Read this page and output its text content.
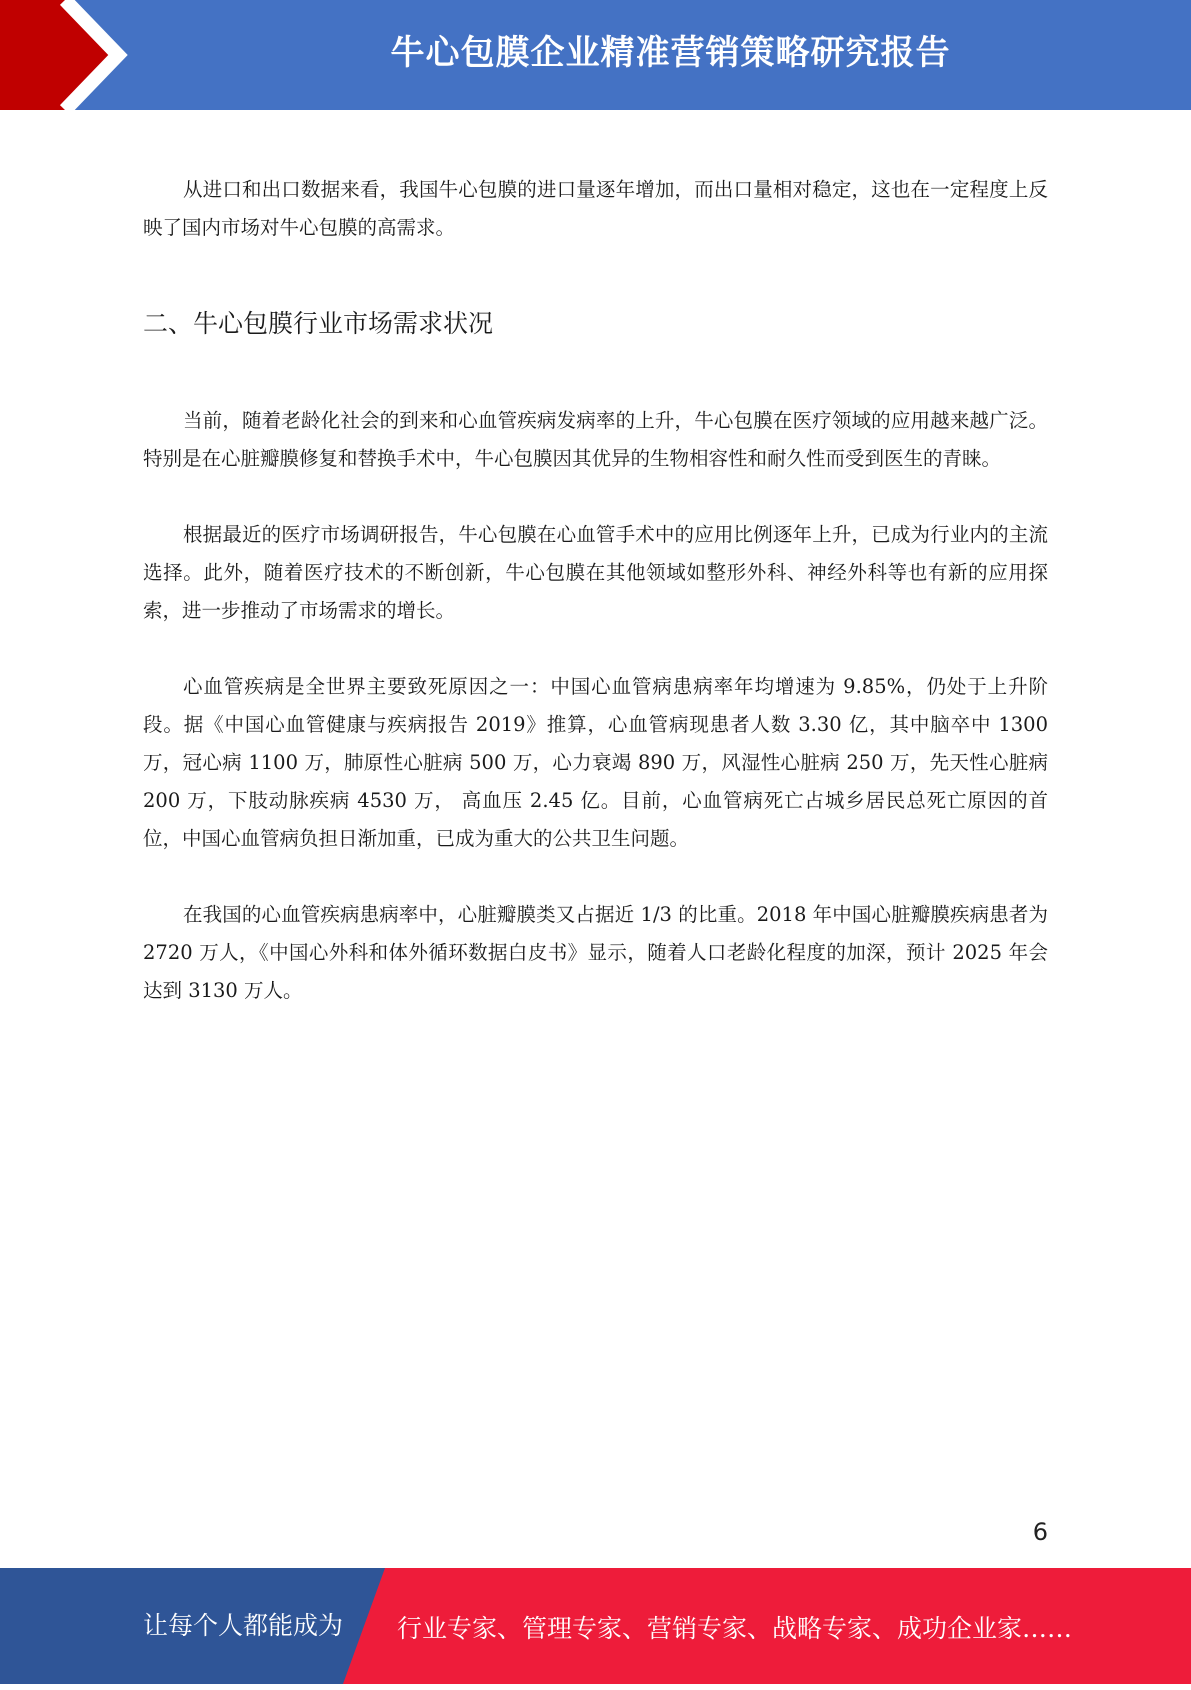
牛心包膜企业精准营销策略研究报告

从进口和出口数据来看，我国牛心包膜的进口量逐年增加，而出口量相对稳定，这也在一定程度上反映了国内市场对牛心包膜的高需求。

二、牛心包膜行业市场需求状况

当前，随着老龄化社会的到来和心血管疾病发病率的上升，牛心包膜在医疗领域的应用越来越广泛。特别是在心脏瓣膜修复和替换手术中，牛心包膜因其优异的生物相容性和耐久性而受到医生的青睐。

根据最近的医疗市场调研报告，牛心包膜在心血管手术中的应用比例逐年上升，已成为行业内的主流选择。此外，随着医疗技术的不断创新，牛心包膜在其他领域如整形外科、神经外科等也有新的应用探索，进一步推动了市场需求的增长。

心血管疾病是全世界主要致死原因之一：中国心血管病患病率年均增速为 9.85%，仍处于上升阶段。据《中国心血管健康与疾病报告 2019》推算，心血管病现患者人数 3.30 亿，其中脑卒中 1300 万，冠心病 1100 万，肺原性心脏病 500 万，心力衰竭 890 万，风湿性心脏病 250 万，先天性心脏病 200 万，下肢动脉疾病 4530 万， 高血压 2.45 亿。目前，心血管病死亡占城乡居民总死亡原因的首位，中国心血管病负担日渐加重，已成为重大的公共卫生问题。

在我国的心血管疾病患病率中，心脏瓣膜类又占据近 1/3 的比重。2018 年中国心脏瓣膜疾病患者为 2720 万人，《中国心外科和体外循环数据白皮书》显示，随着人口老龄化程度的加深，预计 2025 年会达到 3130 万人。

6
让每个人都能成为 行业专家、管理专家、营销专家、战略专家、成功企业家……
